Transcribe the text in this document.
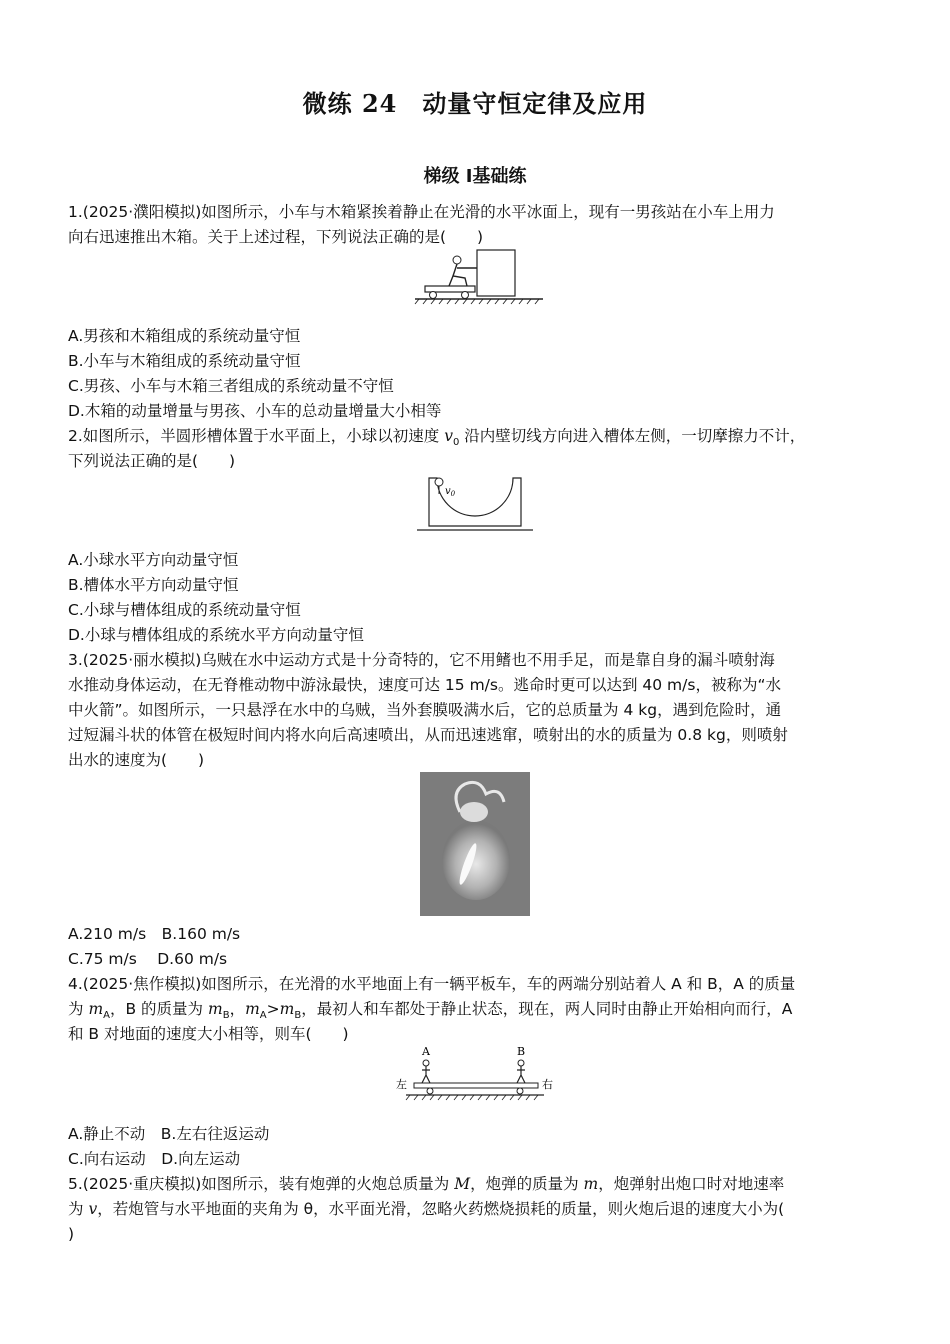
微练 24　动量守恒定律及应用
梯级 Ⅰ基础练
1.(2025·濮阳模拟)如图所示，小车与木箱紧挨着静止在光滑的水平冰面上，现有一男孩站在小车上用力
向右迅速推出木箱。关于上述过程，下列说法正确的是(　　)
A.男孩和木箱组成的系统动量守恒
B.小车与木箱组成的系统动量守恒
C.男孩、小车与木箱三者组成的系统动量不守恒
D.木箱的动量增量与男孩、小车的总动量增量大小相等
2.如图所示，半圆形槽体置于水平面上，小球以初速度 $v_0$ 沿内壁切线方向进入槽体左侧，一切摩擦力不计，
下列说法正确的是(　　)
$v_0$
A.小球水平方向动量守恒
B.槽体水平方向动量守恒
C.小球与槽体组成的系统动量守恒
D.小球与槽体组成的系统水平方向动量守恒
3.(2025·丽水模拟)乌贼在水中运动方式是十分奇特的，它不用鳍也不用手足，而是靠自身的漏斗喷射海
水推动身体运动，在无脊椎动物中游泳最快，速度可达 15 m/s。逃命时更可以达到 40 m/s，被称为“水
中火箭”。如图所示，一只悬浮在水中的乌贼，当外套膜吸满水后，它的总质量为 4 kg，遇到危险时，通
过短漏斗状的体管在极短时间内将水向后高速喷出，从而迅速逃窜，喷射出的水的质量为 0.8 kg，则喷射
出水的速度为(　　)
A.210 m/s　B.160 m/s
C.75 m/s　 D.60 m/s
4.(2025·焦作模拟)如图所示，在光滑的水平地面上有一辆平板车，车的两端分别站着人 A 和 B，A 的质量
为 $m_A$，B 的质量为 $m_B$，$m_A>m_B$，最初人和车都处于静止状态，现在，两人同时由静止开始相向而行，A
和 B 对地面的速度大小相等，则车(　　)
A	B
左	右
A.静止不动　B.左右往返运动
C.向右运动　D.向左运动
5.(2025·重庆模拟)如图所示，装有炮弹的火炮总质量为 M，炮弹的质量为 m，炮弹射出炮口时对地速率
为 v，若炮管与水平地面的夹角为 θ，水平面光滑，忽略火药燃烧损耗的质量，则火炮后退的速度大小为(
)
